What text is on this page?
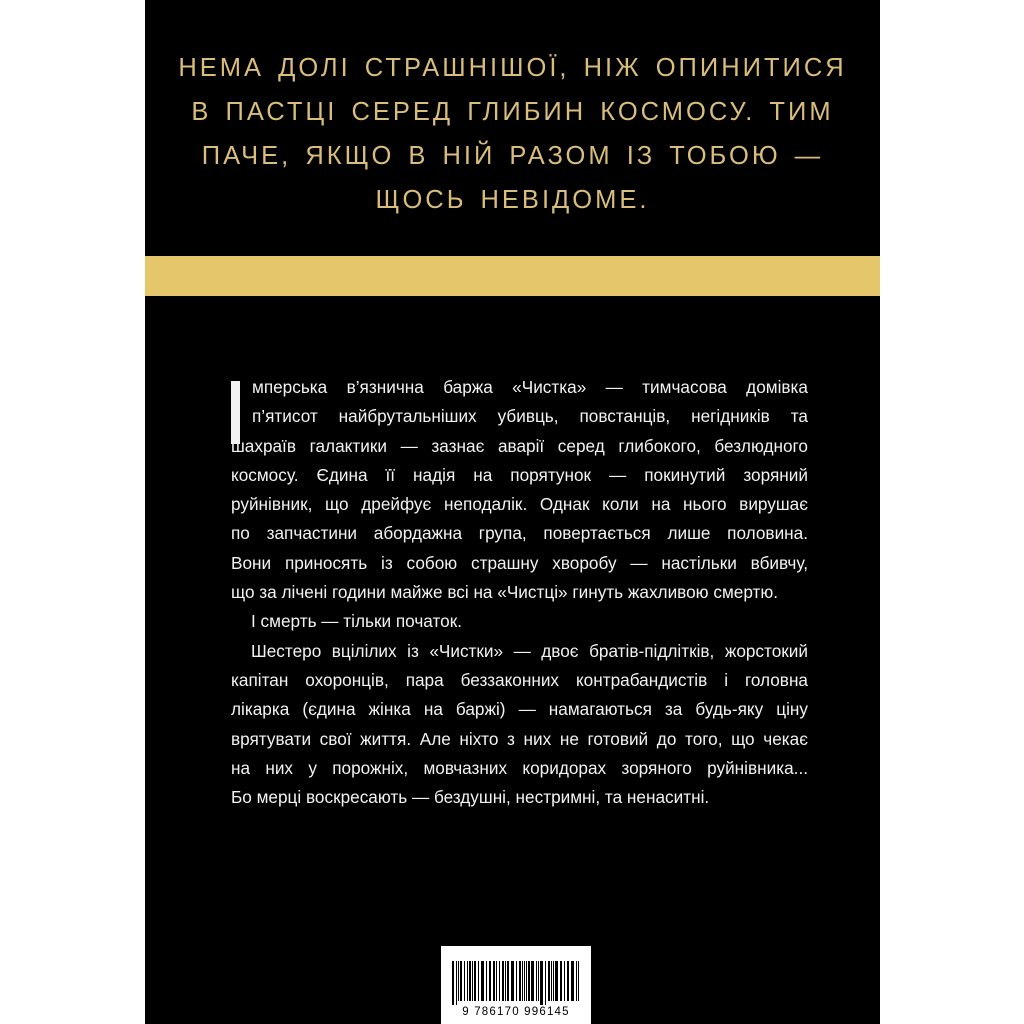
НЕМА ДОЛІ СТРАШНІШОЇ, НІЖ ОПИНИТИСЯ
В ПАСТЦІ СЕРЕД ГЛИБИН КОСМОСУ. ТИМ
ПАЧЕ, ЯКЩО В НІЙ РАЗОМ ІЗ ТОБОЮ —
ЩОСЬ НЕВІДОМЕ.
мперська в’язнична баржа «Чистка» — тимчасова домівка
п’ятисот найбрутальніших убивць, повстанців, негідників та
шахраїв галактики — зазнає аварії серед глибокого, безлюдного
космосу. Єдина її надія на порятунок — покинутий зоряний
руйнівник, що дрейфує неподалік. Однак коли на нього вирушає
по запчастини абордажна група, повертається лише половина.
Вони приносять із собою страшну хворобу — настільки вбивчу,
що за лічені години майже всі на «Чистці» гинуть жахливою смертю.
І смерть — тільки початок.
Шестеро вцілілих із «Чистки» — двоє братів-підлітків, жорстокий
капітан охоронців, пара беззаконних контрабандистів і головна
лікарка (єдина жінка на баржі) — намагаються за будь-яку ціну
врятувати свої життя. Але ніхто з них не готовий до того, що чекає
на них у порожніх, мовчазних коридорах зоряного руйнівника...
Бо мерці воскресають — бездушні, нестримні, та ненаситні.
9 786170 996145
